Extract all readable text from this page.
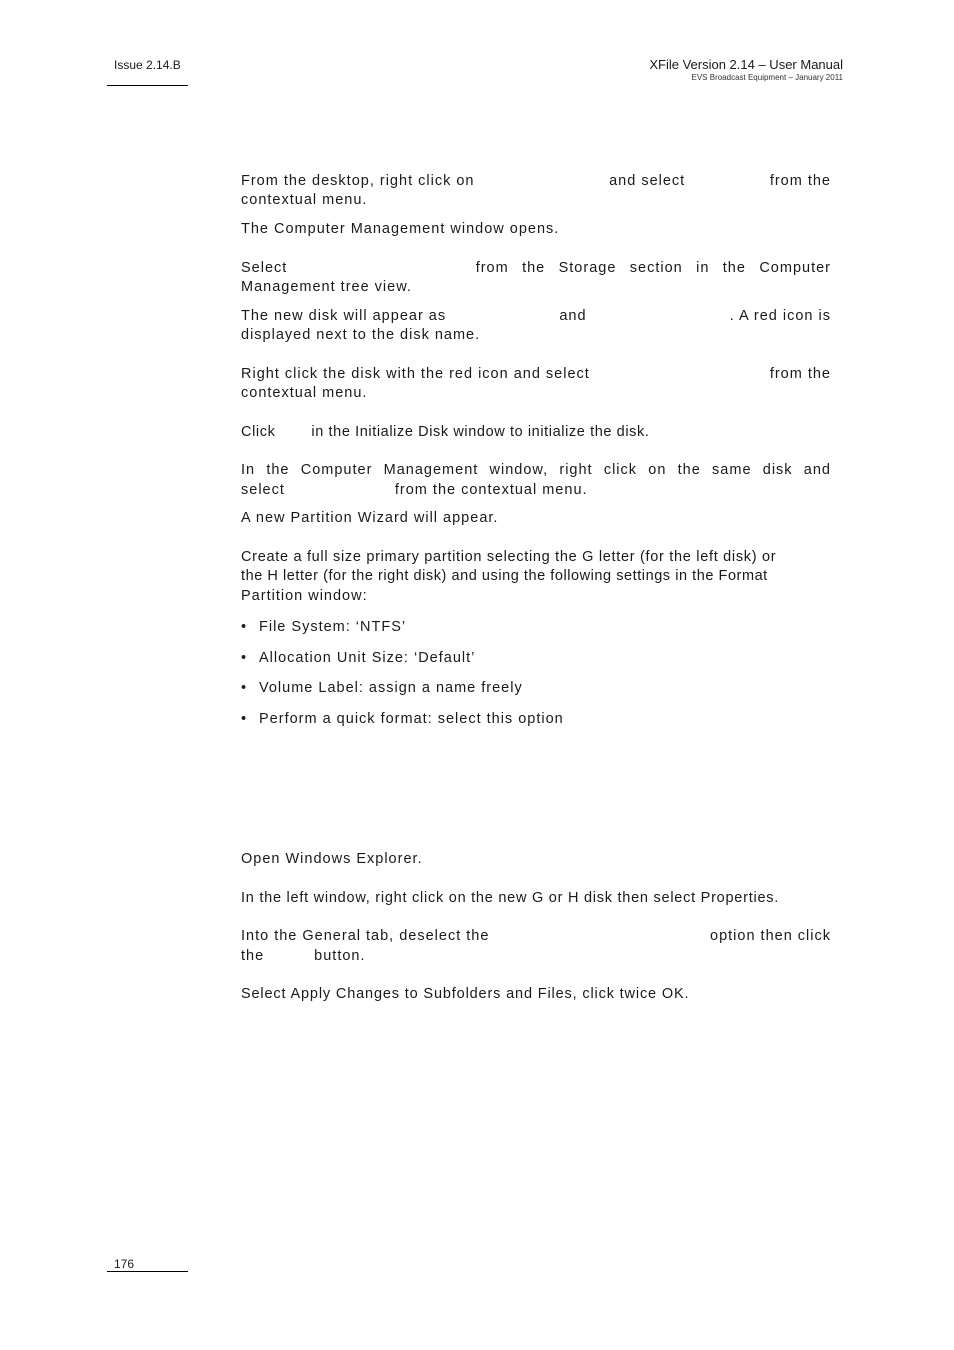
Issue 2.14.B	XFile Version 2.14 – User Manual
EVS Broadcast Equipment – January 2011
From the desktop, right click on	and select	from the
contextual menu.
The Computer Management window opens.
Select	from the Storage section in the Computer
Management tree view.
The new disk will appear as	and	. A red icon is
displayed next to the disk name.
Right click the disk with the red icon and select	from the
contextual menu.
Click in the Initialize Disk window to initialize the disk.
In the Computer Management window, right click on the same disk and
select	from the contextual menu.
A new Partition Wizard will appear.
Create a full size primary partition selecting the G letter (for the left disk) or
the H letter (for the right disk) and using the following settings in the Format
Partition window:
• File System: ‘NTFS’
• Allocation Unit Size: ‘Default’
• Volume Label: assign a name freely
• Perform a quick format: select this option
Open Windows Explorer.
In the left window, right click on the new G or H disk then select Properties.
Into the General tab, deselect the	option then click
the	button.
Select Apply Changes to Subfolders and Files, click twice OK.
176
